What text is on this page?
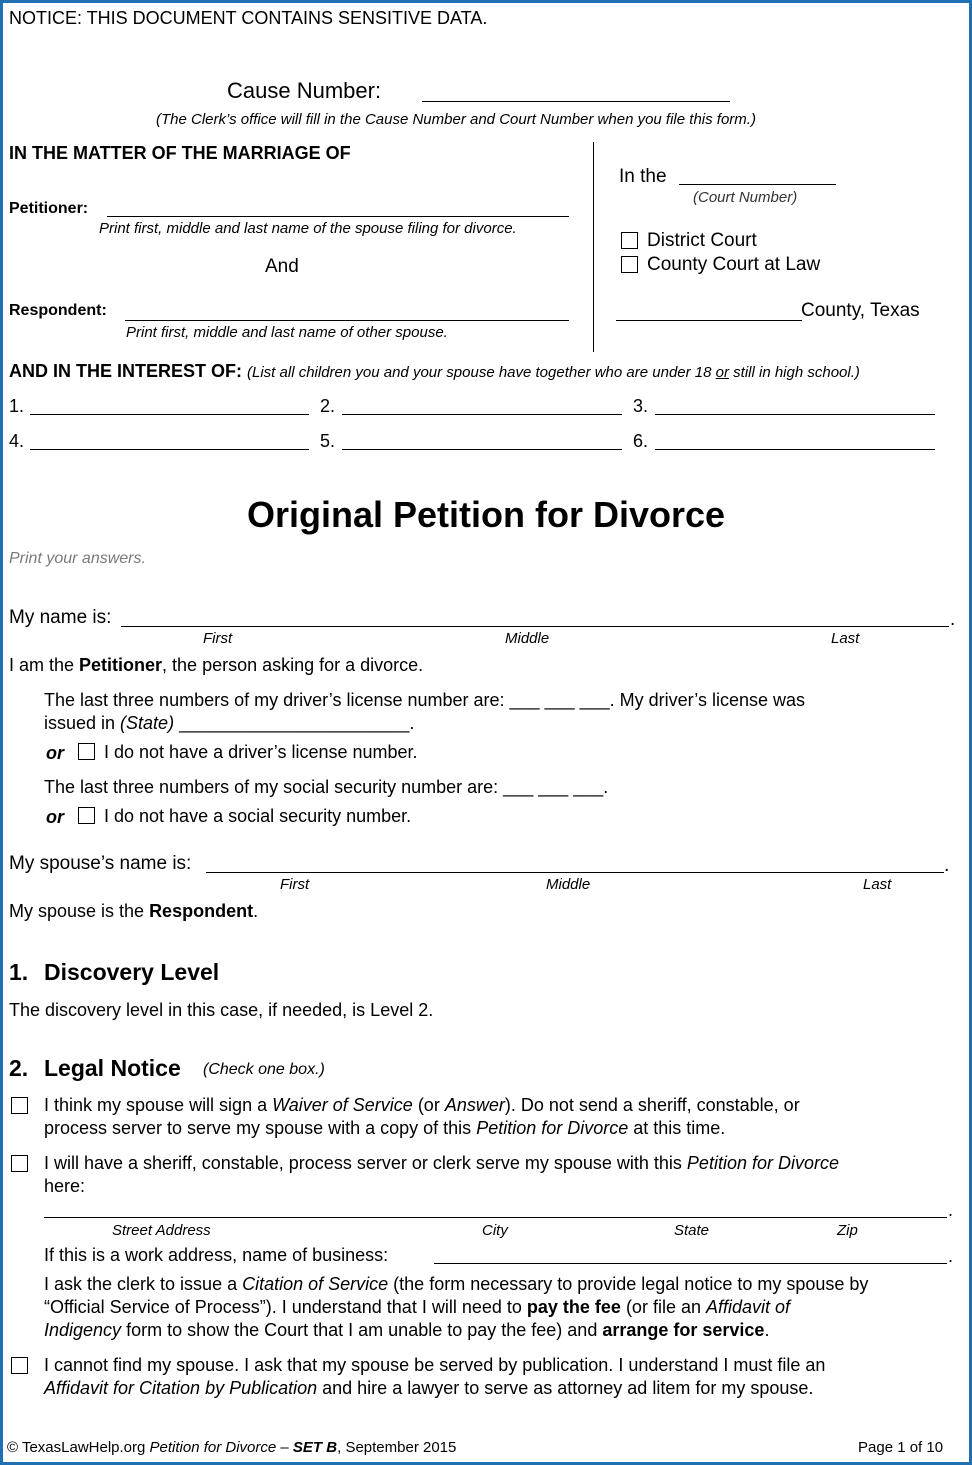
NOTICE: THIS DOCUMENT CONTAINS SENSITIVE DATA.
Cause Number:
(The Clerk’s office will fill in the Cause Number and Court Number when you file this form.)
IN THE MATTER OF THE MARRIAGE OF
Petitioner:
Print first, middle and last name of the spouse filing for divorce.
And
Respondent:
Print first, middle and last name of other spouse.
In the
(Court Number)
District Court
County Court at Law
County, Texas
AND IN THE INTEREST OF: (List all children you and your spouse have together who are under 18 or still in high school.)
1.	2.	3.
4.	5.	6.
Original Petition for Divorce
Print your answers.
My name is:	.
First	Middle	Last
I am the Petitioner, the person asking for a divorce.
The last three numbers of my driver’s license number are: ___ ___ ___. My driver’s license was
issued in (State) _______________________.
or I do not have a driver’s license number.
The last three numbers of my social security number are: ___ ___ ___.
or I do not have a social security number.
My spouse’s name is:	.
First	Middle	Last
My spouse is the Respondent.
1. Discovery Level
The discovery level in this case, if needed, is Level 2.
2. Legal Notice (Check one box.)
I think my spouse will sign a Waiver of Service (or Answer). Do not send a sheriff, constable, or
process server to serve my spouse with a copy of this Petition for Divorce at this time.
I will have a sheriff, constable, process server or clerk serve my spouse with this Petition for Divorce
here:
.
Street Address	City	State	Zip
If this is a work address, name of business:	.
I ask the clerk to issue a Citation of Service (the form necessary to provide legal notice to my spouse by
“Official Service of Process”). I understand that I will need to pay the fee (or file an Affidavit of
Indigency form to show the Court that I am unable to pay the fee) and arrange for service.
I cannot find my spouse. I ask that my spouse be served by publication. I understand I must file an
Affidavit for Citation by Publication and hire a lawyer to serve as attorney ad litem for my spouse.
© TexasLawHelp.org Petition for Divorce – SET B, September 2015	Page 1 of 10
